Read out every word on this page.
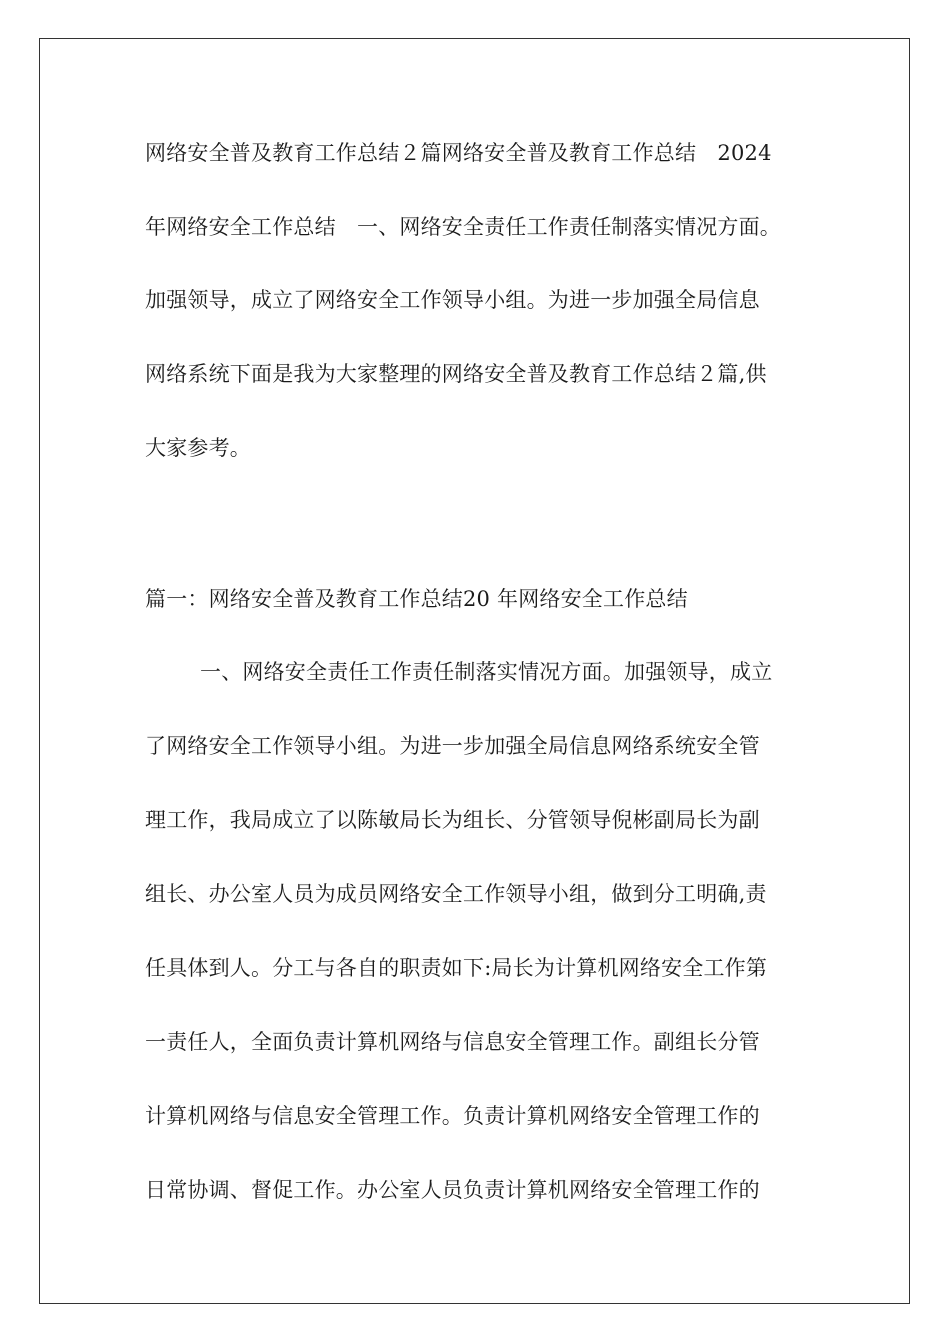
网络安全普及教育工作总结２篇网络安全普及教育工作总结　2024
年网络安全工作总结　一、网络安全责任工作责任制落实情况方面。
加强领导，成立了网络安全工作领导小组。为进一步加强全局信息
网络系统下面是我为大家整理的网络安全普及教育工作总结２篇,供
大家参考。
篇一：网络安全普及教育工作总结20 年网络安全工作总结
一、网络安全责任工作责任制落实情况方面。加强领导，成立
了网络安全工作领导小组。为进一步加强全局信息网络系统安全管
理工作，我局成立了以陈敏局长为组长、分管领导倪彬副局长为副
组长、办公室人员为成员网络安全工作领导小组，做到分工明确,责
任具体到人。分工与各自的职责如下:局长为计算机网络安全工作第
一责任人，全面负责计算机网络与信息安全管理工作。副组长分管
计算机网络与信息安全管理工作。负责计算机网络安全管理工作的
日常协调、督促工作。办公室人员负责计算机网络安全管理工作的
